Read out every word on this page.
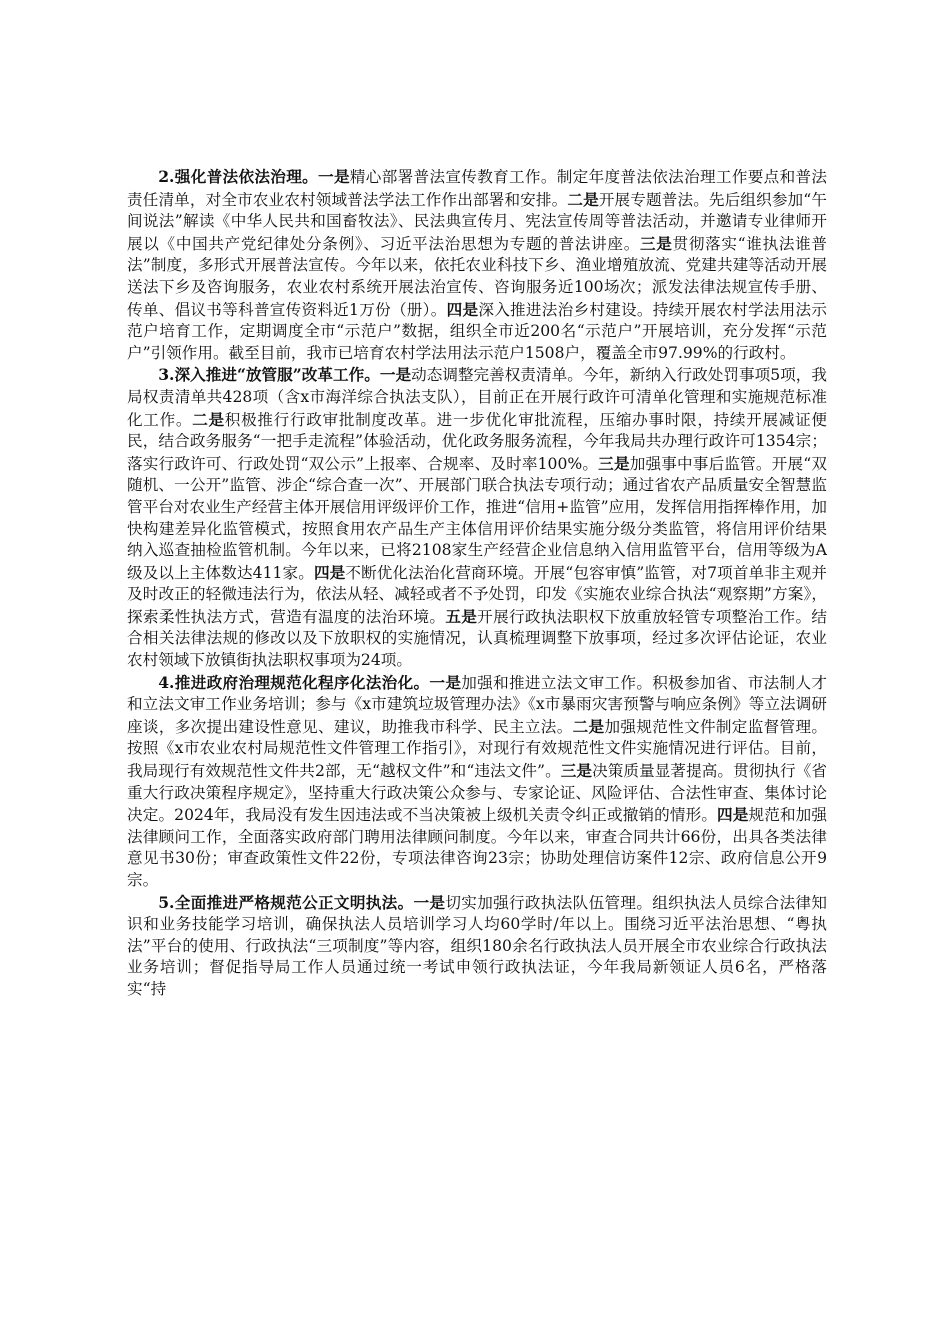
2.强化普法依法治理。一是精心部署普法宣传教育工作。制定年度普法依法治理工作要点和普法责任清单，对全市农业农村领域普法学法工作作出部署和安排。二是开展专题普法。先后组织参加“午间说法”解读《中华人民共和国畜牧法》、民法典宣传月、宪法宣传周等普法活动，并邀请专业律师开展以《中国共产党纪律处分条例》、习近平法治思想为专题的普法讲座。三是贯彻落实“谁执法谁普法”制度，多形式开展普法宣传。今年以来，依托农业科技下乡、渔业增殖放流、党建共建等活动开展送法下乡及咨询服务，农业农村系统开展法治宣传、咨询服务近100场次；派发法律法规宣传手册、传单、倡议书等科普宣传资料近1万份（册）。四是深入推进法治乡村建设。持续开展农村学法用法示范户培育工作，定期调度全市“示范户”数据，组织全市近200名“示范户”开展培训，充分发挥“示范户”引领作用。截至目前，我市已培育农村学法用法示范户1508户，覆盖全市97.99%的行政村。

3.深入推进“放管服”改革工作。一是动态调整完善权责清单。今年，新纳入行政处罚事项5项，我局权责清单共428项（含x市海洋综合执法支队），目前正在开展行政许可清单化管理和实施规范标准化工作。二是积极推行行政审批制度改革。进一步优化审批流程，压缩办事时限，持续开展减证便民，结合政务服务“一把手走流程”体验活动，优化政务服务流程，今年我局共办理行政许可1354宗；落实行政许可、行政处罚“双公示”上报率、合规率、及时率100%。三是加强事中事后监管。开展“双随机、一公开”监管、涉企“综合查一次”、开展部门联合执法专项行动；通过省农产品质量安全智慧监管平台对农业生产经营主体开展信用评级评价工作，推进“信用+监管”应用，发挥信用指挥棒作用，加快构建差异化监管模式，按照食用农产品生产主体信用评价结果实施分级分类监管，将信用评价结果纳入巡查抽检监管机制。今年以来，已将2108家生产经营企业信息纳入信用监管平台，信用等级为A级及以上主体数达411家。四是不断优化法治化营商环境。开展“包容审慎”监管，对7项首单非主观并及时改正的轻微违法行为，依法从轻、减轻或者不予处罚，印发《实施农业综合执法“观察期”方案》，探索柔性执法方式，营造有温度的法治环境。五是开展行政执法职权下放重放轻管专项整治工作。结合相关法律法规的修改以及下放职权的实施情况，认真梳理调整下放事项，经过多次评估论证，农业农村领域下放镇街执法职权事项为24项。

4.推进政府治理规范化程序化法治化。一是加强和推进立法文审工作。积极参加省、市法制人才和立法文审工作业务培训；参与《x市建筑垃圾管理办法》《x市暴雨灾害预警与响应条例》等立法调研座谈，多次提出建设性意见、建议，助推我市科学、民主立法。二是加强规范性文件制定监督管理。按照《x市农业农村局规范性文件管理工作指引》，对现行有效规范性文件实施情况进行评估。目前，我局现行有效规范性文件共2部，无“越权文件”和“违法文件”。三是决策质量显著提高。贯彻执行《省重大行政决策程序规定》，坚持重大行政决策公众参与、专家论证、风险评估、合法性审查、集体讨论决定。2024年，我局没有发生因违法或不当决策被上级机关责令纠正或撤销的情形。四是规范和加强法律顾问工作，全面落实政府部门聘用法律顾问制度。今年以来，审查合同共计66份，出具各类法律意见书30份；审查政策性文件22份，专项法律咨询23宗；协助处理信访案件12宗、政府信息公开9宗。

5.全面推进严格规范公正文明执法。一是切实加强行政执法队伍管理。组织执法人员综合法律知识和业务技能学习培训，确保执法人员培训学习人均60学时/年以上。围绕习近平法治思想、“粤执法”平台的使用、行政执法“三项制度”等内容，组织180余名行政执法人员开展全市农业综合行政执法业务培训；督促指导局工作人员通过统一考试申领行政执法证，今年我局新领证人员6名，严格落实“持
